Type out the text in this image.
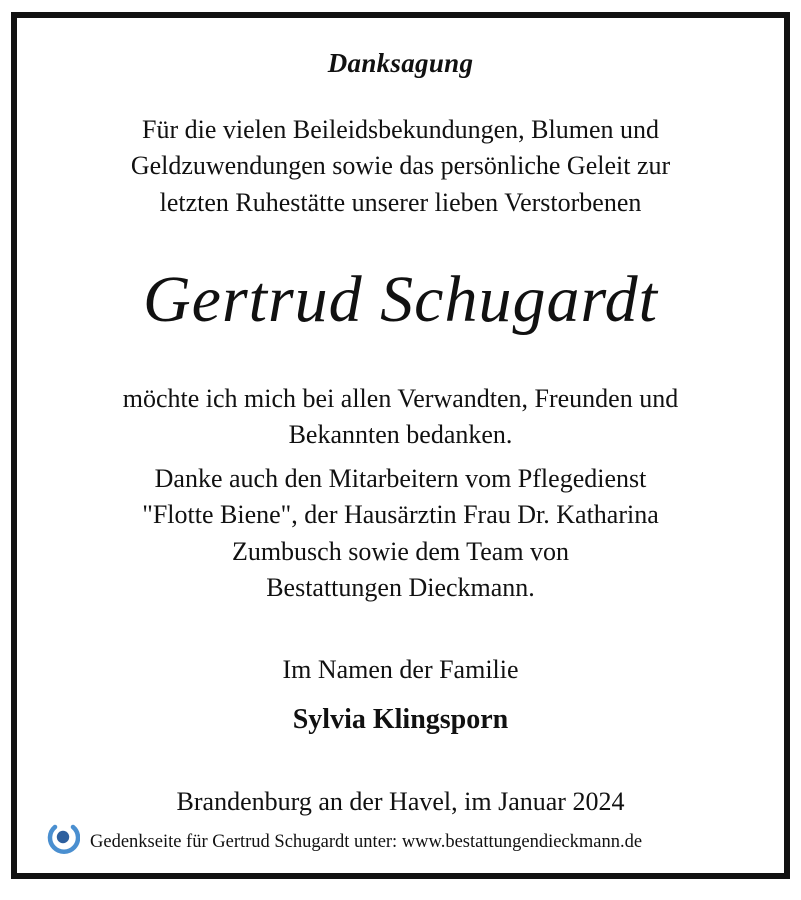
Danksagung
Für die vielen Beileidsbekundungen, Blumen und
Geldzuwendungen sowie das persönliche Geleit zur
letzten Ruhestätte unserer lieben Verstorbenen
Gertrud Schugardt
möchte ich mich bei allen Verwandten, Freunden und
Bekannten bedanken.
Danke auch den Mitarbeitern vom Pflegedienst
"Flotte Biene", der Hausärztin Frau Dr. Katharina
Zumbusch sowie dem Team von
Bestattungen Dieckmann.
Im Namen der Familie
Sylvia Klingsporn
Brandenburg an der Havel, im Januar 2024
Gedenkseite für Gertrud Schugardt unter: www.bestattungendieckmann.de
